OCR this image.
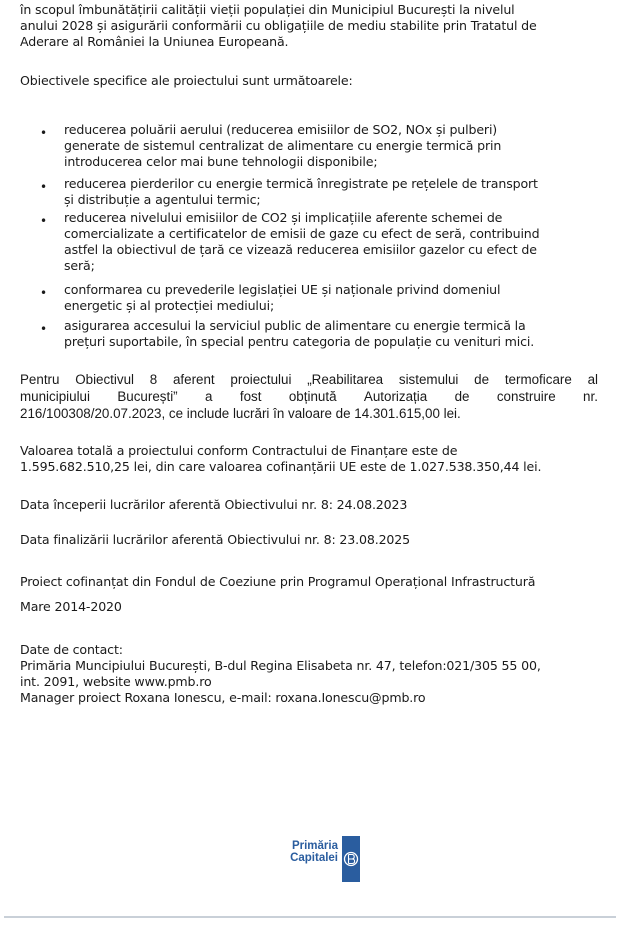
în scopul îmbunătățirii calității vieții populației din Municipiul București la nivelul
anului 2028 și asigurării conformării cu obligațiile de mediu stabilite prin Tratatul de
Aderare al României la Uniunea Europeană.
Obiectivele specifice ale proiectului sunt următoarele:
• reducerea poluării aerului (reducerea emisiilor de SO2, NOx și pulberi)
generate de sistemul centralizat de alimentare cu energie termică prin
introducerea celor mai bune tehnologii disponibile;
• reducerea pierderilor cu energie termică înregistrate pe rețelele de transport
și distribuție a agentului termic;
• reducerea nivelului emisiilor de CO2 și implicațiile aferente schemei de
comercializate a certificatelor de emisii de gaze cu efect de seră, contribuind
astfel la obiectivul de țară ce vizează reducerea emisiilor gazelor cu efect de
seră;
• conformarea cu prevederile legislației UE și naționale privind domeniul
energetic și al protecției mediului;
• asigurarea accesului la serviciul public de alimentare cu energie termică la
prețuri suportabile, în special pentru categoria de populație cu venituri mici.
Pentru Obiectivul 8 aferent proiectului „Reabilitarea sistemului de termoficare al
municipiului București” a fost obținută Autorizația de construire nr.
216/100308/20.07.2023, ce include lucrări în valoare de 14.301.615,00 lei.
Valoarea totală a proiectului conform Contractului de Finanțare este de
1.595.682.510,25 lei, din care valoarea cofinanțării UE este de 1.027.538.350,44 lei.
Data începerii lucrărilor aferentă Obiectivului nr. 8: 24.08.2023
Data finalizării lucrărilor aferentă Obiectivului nr. 8: 23.08.2025
Proiect cofinanțat din Fondul de Coeziune prin Programul Operațional Infrastructură
Mare 2014-2020
Date de contact:
Primăria Muncipiului București, B-dul Regina Elisabeta nr. 47, telefon:021/305 55 00,
int. 2091, website www.pmb.ro
Manager proiect Roxana Ionescu, e-mail: roxana.Ionescu@pmb.ro
Primăria
Capitalei
